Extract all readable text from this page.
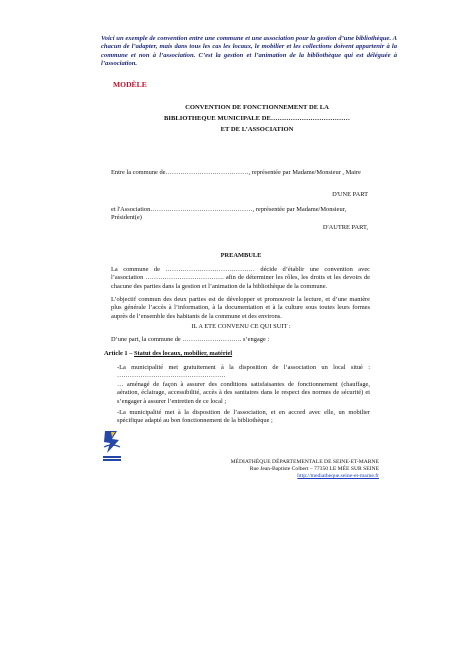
Voici un exemple de convention entre une commune et une association pour la gestion d’une bibliothèque. A chacun de l’adapter, mais dans tous les cas les locaux, le mobilier et les collections doivent appartenir à la commune et non à l’association. C’est la gestion et l’animation de la bibliothèque qui est déléguée à l’association.
MODÈLE
CONVENTION DE FONCTIONNEMENT DE LA
BIBLIOTHEQUE MUNICIPALE DE………………………………
ET DE L’ASSOCIATION
Entre la commune de…………………………………, représentée par Madame/Monsieur , Maire
D'UNE PART
et l'Association…………………………………………, représentée par Madame/Monsieur, Président(e)
D'AUTRE PART,
PREAMBULE
La commune de …………………………………… décide d’établir une convention avec l’association ………………………………. afin de déterminer les rôles, les droits et les devoirs de chacune des parties dans la gestion et l’animation de la bibliothèque de la commune.
L’objectif commun des deux parties est de développer et promouvoir la lecture, et d’une manière plus générale l’accès à l’information, à la documentation et à la culture sous toutes leurs formes auprès de l’ensemble des habitants de la commune et des environs.
IL A ETE CONVENU CE QUI SUIT :
D’une part, la commune de ………………………. s’engage :
Article 1 – Statut des locaux, mobilier, matériel
-La municipalité met gratuitement à la disposition de l’association un local situé : ……………………………………………
… aménagé de façon à assurer des conditions satisfaisantes de fonctionnement (chauffage, aération, éclairage, accessibilité, accès à des sanitaires dans le respect des normes de sécurité) et s’engager à assurer l’entretien de ce local ;
-La municipalité met à la disposition de l’association, et en accord avec elle, un mobilier spécifique adapté au bon fonctionnement de la bibliothèque ;
MÉDIATHÈQUE DÉPARTEMENTALE DE SEINE-ET-MARNE
Rue Jean-Baptiste Colbert – 77350 LE MÉE SUR SEINE
http://mediatheque.seine-et-marne.fr
